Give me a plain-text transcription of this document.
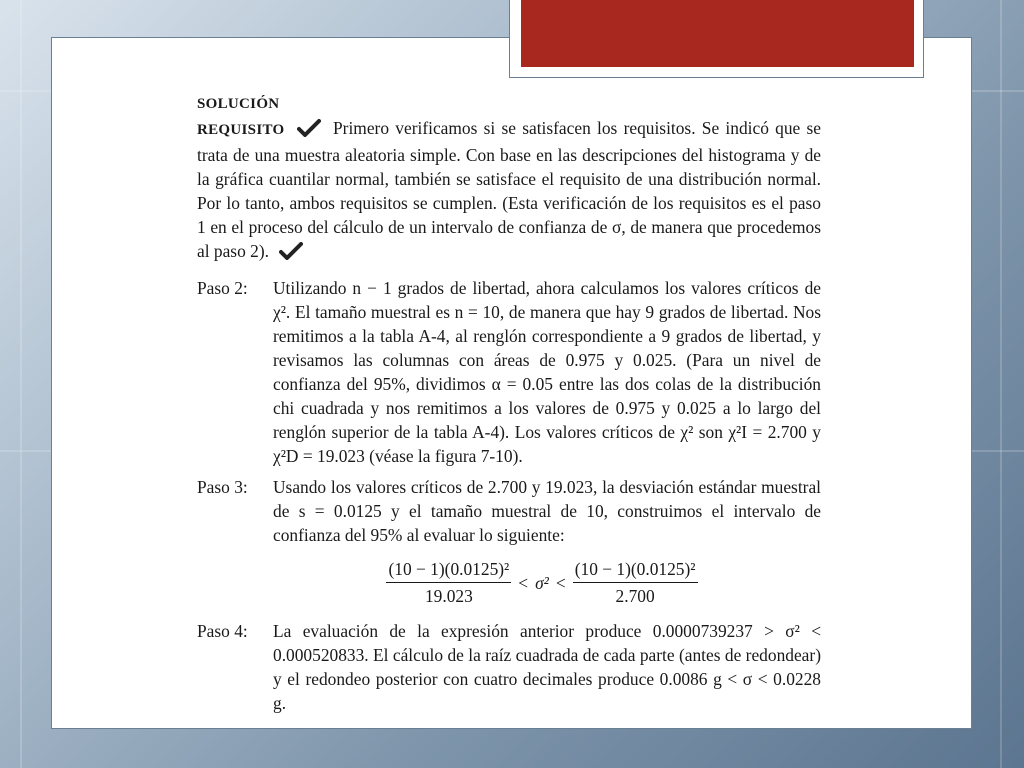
SOLUCIÓN
REQUISITO	Primero verificamos si se satisfacen los requisitos. Se indicó que se trata de una muestra aleatoria simple. Con base en las descripciones del histograma y de la gráfica cuantilar normal, también se satisface el requisito de una distribución normal. Por lo tanto, ambos requisitos se cumplen. (Esta verificación de los requisitos es el paso 1 en el proceso del cálculo de un intervalo de confianza de σ, de manera que procedemos al paso 2).
Paso 2:	Utilizando n − 1 grados de libertad, ahora calculamos los valores críticos de χ². El tamaño muestral es n = 10, de manera que hay 9 grados de libertad. Nos remitimos a la tabla A-4, al renglón correspondiente a 9 grados de libertad, y revisamos las columnas con áreas de 0.975 y 0.025. (Para un nivel de confianza del 95%, dividimos α = 0.05 entre las dos colas de la distribución chi cuadrada y nos remitimos a los valores de 0.975 y 0.025 a lo largo del renglón superior de la tabla A-4). Los valores críticos de χ² son χ²I = 2.700 y χ²D = 19.023 (véase la figura 7-10).
Paso 3:	Usando los valores críticos de 2.700 y 19.023, la desviación estándar muestral de s = 0.0125 y el tamaño muestral de 10, construimos el intervalo de confianza del 95% al evaluar lo siguiente:
$\frac{\text{(10 − 1)(0.0125)²}}{19.023} < \sigma^2 < \frac{\text{(10 − 1)(0.0125)²}}{2.700}$
Paso 4:	La evaluación de la expresión anterior produce 0.0000739237 > σ² < 0.000520833. El cálculo de la raíz cuadrada de cada parte (antes de redondear) y el redondeo posterior con cuatro decimales produce 0.0086 g < σ < 0.0228 g.
